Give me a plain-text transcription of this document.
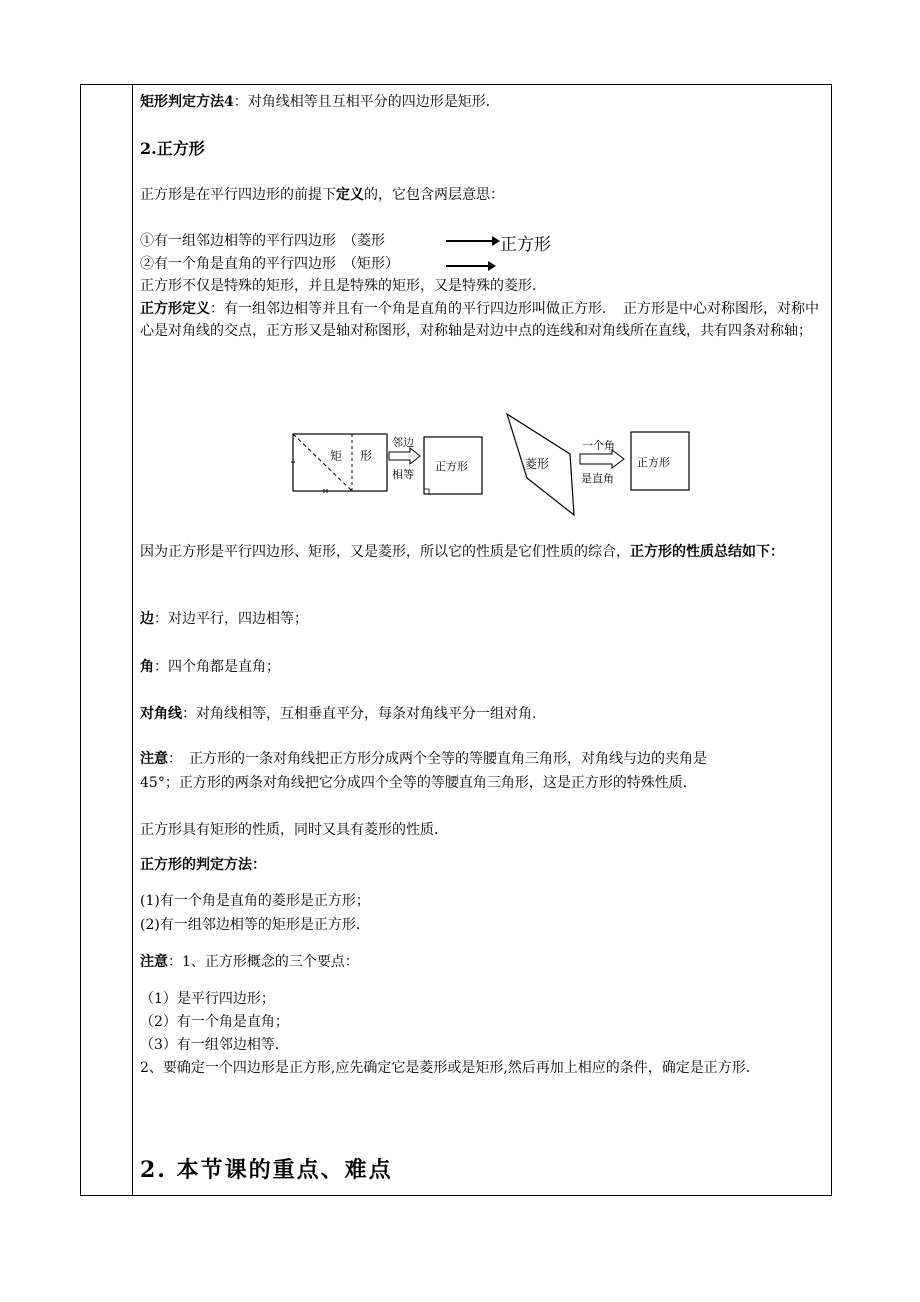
矩形判定方法4：对角线相等且互相平分的四边形是矩形．
2.正方形
正方形是在平行四边形的前提下定义的，它包含两层意思：
①有一组邻边相等的平行四边形　（菱形
②有一个角是直角的平行四边形　（矩形）
正方形
正方形不仅是特殊的矩形，并且是特殊的矩形，又是特殊的菱形．
正方形定义：有一组邻边相等并且有一个角是直角的平行四边形叫做正方形．　正方形是中心对称图形，对称中心是对角线的交点，正方形又是轴对称图形，对称轴是对边中点的连线和对角线所在直线，共有四条对称轴；
矩 形
邻边
相等
正方形	菱形
一个角
是直角
正方形
因为正方形是平行四边形、矩形，又是菱形，所以它的性质是它们性质的综合，正方形的性质总结如下：
边：对边平行，四边相等；
角：四个角都是直角；
对角线：对角线相等，互相垂直平分，每条对角线平分一组对角．
注意：　正方形的一条对角线把正方形分成两个全等的等腰直角三角形，对角线与边的夹角是
45°；正方形的两条对角线把它分成四个全等的等腰直角三角形，这是正方形的特殊性质．
正方形具有矩形的性质，同时又具有菱形的性质．
正方形的判定方法：
(1)有一个角是直角的菱形是正方形；
(2)有一组邻边相等的矩形是正方形．
注意：1、正方形概念的三个要点：
（1）是平行四边形；
（2）有一个角是直角；
（3）有一组邻边相等．
2、要确定一个四边形是正方形,应先确定它是菱形或是矩形,然后再加上相应的条件，确定是正方形.
2. 本节课的重点、难点
